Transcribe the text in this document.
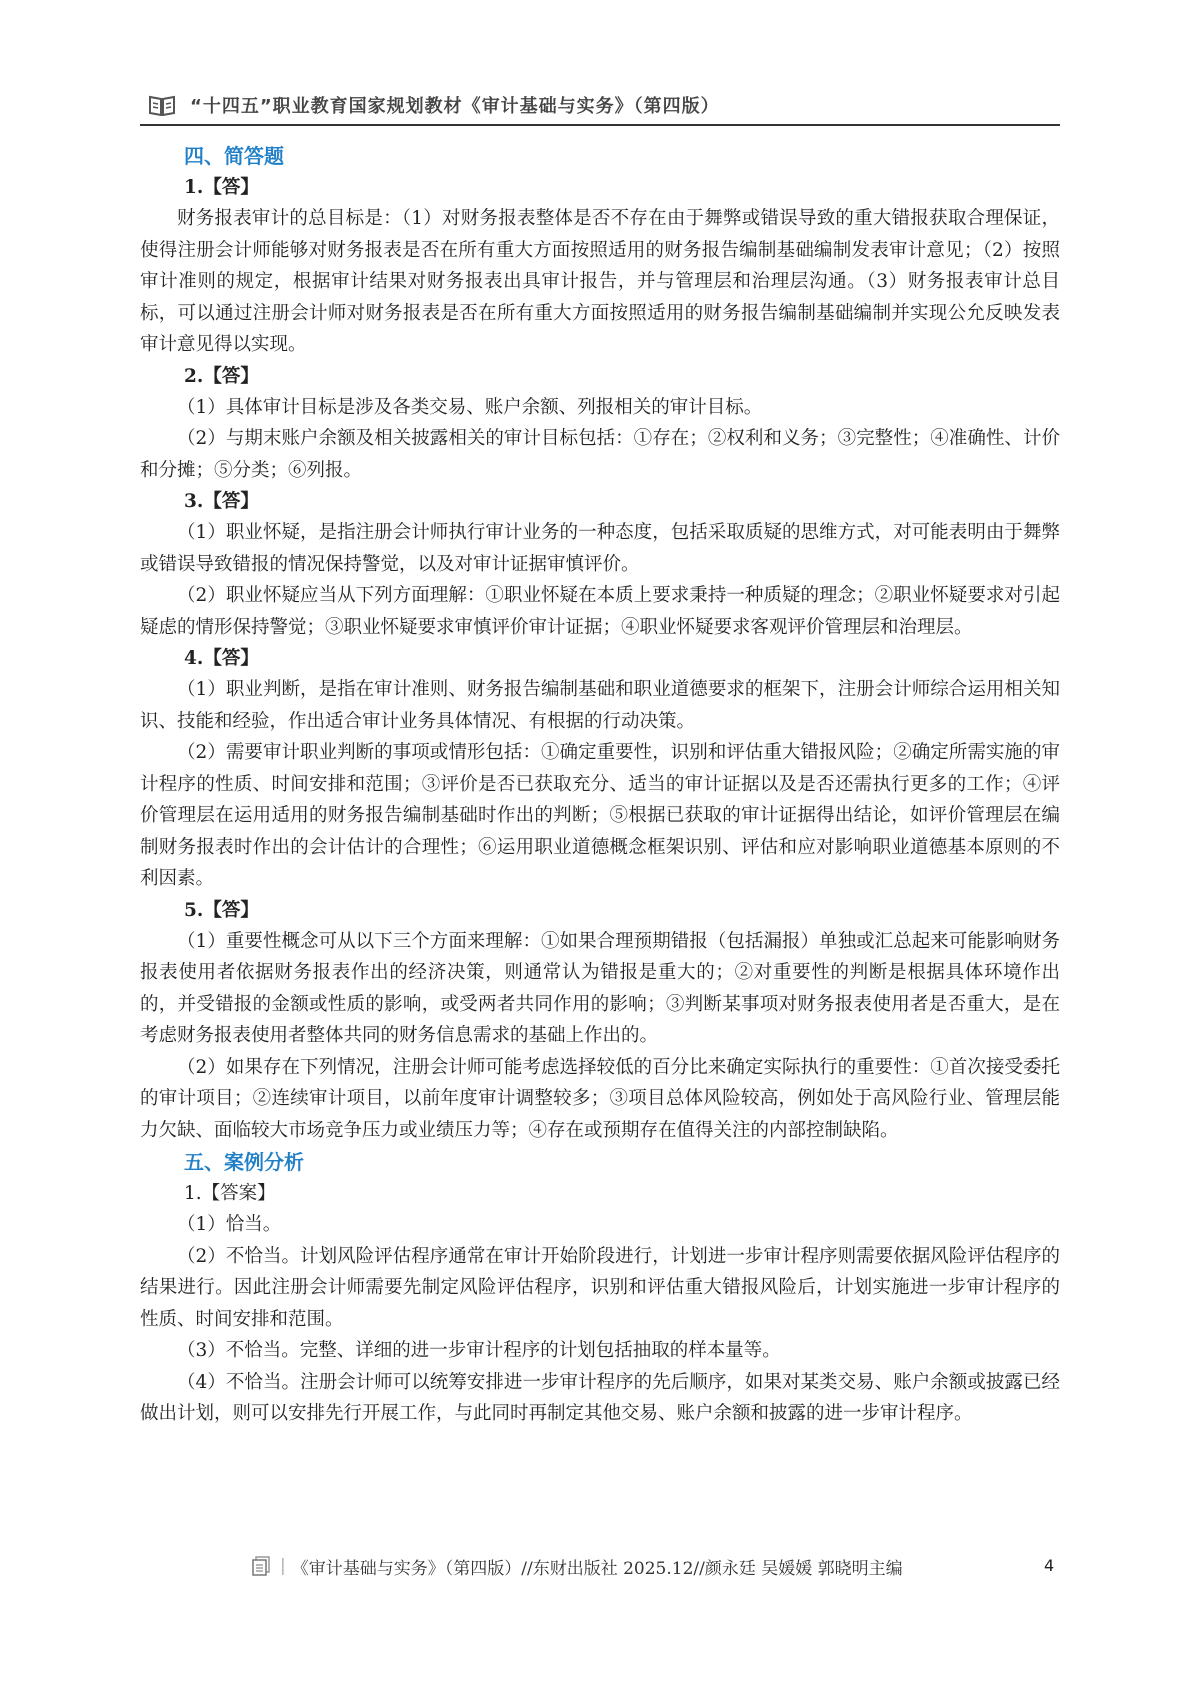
“十四五”职业教育国家规划教材《审计基础与实务》（第四版）
四、简答题
1.【答】
财务报表审计的总目标是：（1）对财务报表整体是否不存在由于舞弊或错误导致的重大错报获取合理保证，使得注册会计师能够对财务报表是否在所有重大方面按照适用的财务报告编制基础编制发表审计意见；（2）按照审计准则的规定，根据审计结果对财务报表出具审计报告，并与管理层和治理层沟通。（3）财务报表审计总目标，可以通过注册会计师对财务报表是否在所有重大方面按照适用的财务报告编制基础编制并实现公允反映发表审计意见得以实现。
2.【答】
（1）具体审计目标是涉及各类交易、账户余额、列报相关的审计目标。
（2）与期末账户余额及相关披露相关的审计目标包括：①存在；②权利和义务；③完整性；④准确性、计价和分摊；⑤分类；⑥列报。
3.【答】
（1）职业怀疑，是指注册会计师执行审计业务的一种态度，包括采取质疑的思维方式，对可能表明由于舞弊或错误导致错报的情况保持警觉，以及对审计证据审慎评价。
（2）职业怀疑应当从下列方面理解：①职业怀疑在本质上要求秉持一种质疑的理念；②职业怀疑要求对引起疑虑的情形保持警觉；③职业怀疑要求审慎评价审计证据；④职业怀疑要求客观评价管理层和治理层。
4.【答】
（1）职业判断，是指在审计准则、财务报告编制基础和职业道德要求的框架下，注册会计师综合运用相关知识、技能和经验，作出适合审计业务具体情况、有根据的行动决策。
（2）需要审计职业判断的事项或情形包括：①确定重要性，识别和评估重大错报风险；②确定所需实施的审计程序的性质、时间安排和范围；③评价是否已获取充分、适当的审计证据以及是否还需执行更多的工作；④评价管理层在运用适用的财务报告编制基础时作出的判断；⑤根据已获取的审计证据得出结论，如评价管理层在编制财务报表时作出的会计估计的合理性；⑥运用职业道德概念框架识别、评估和应对影响职业道德基本原则的不利因素。
5.【答】
（1）重要性概念可从以下三个方面来理解：①如果合理预期错报（包括漏报）单独或汇总起来可能影响财务报表使用者依据财务报表作出的经济决策，则通常认为错报是重大的；②对重要性的判断是根据具体环境作出的，并受错报的金额或性质的影响，或受两者共同作用的影响；③判断某事项对财务报表使用者是否重大，是在考虑财务报表使用者整体共同的财务信息需求的基础上作出的。
（2）如果存在下列情况，注册会计师可能考虑选择较低的百分比来确定实际执行的重要性：①首次接受委托的审计项目；②连续审计项目，以前年度审计调整较多；③项目总体风险较高，例如处于高风险行业、管理层能力欠缺、面临较大市场竞争压力或业绩压力等；④存在或预期存在值得关注的内部控制缺陷。
五、案例分析
1.【答案】
（1）恰当。
（2）不恰当。计划风险评估程序通常在审计开始阶段进行，计划进一步审计程序则需要依据风险评估程序的结果进行。因此注册会计师需要先制定风险评估程序，识别和评估重大错报风险后，计划实施进一步审计程序的性质、时间安排和范围。
（3）不恰当。完整、详细的进一步审计程序的计划包括抽取的样本量等。
（4）不恰当。注册会计师可以统筹安排进一步审计程序的先后顺序，如果对某类交易、账户余额或披露已经做出计划，则可以安排先行开展工作，与此同时再制定其他交易、账户余额和披露的进一步审计程序。
| 《审计基础与实务》（第四版）//东财出版社 2025.12//颜永廷 吴媛媛 郭晓明主编	4
